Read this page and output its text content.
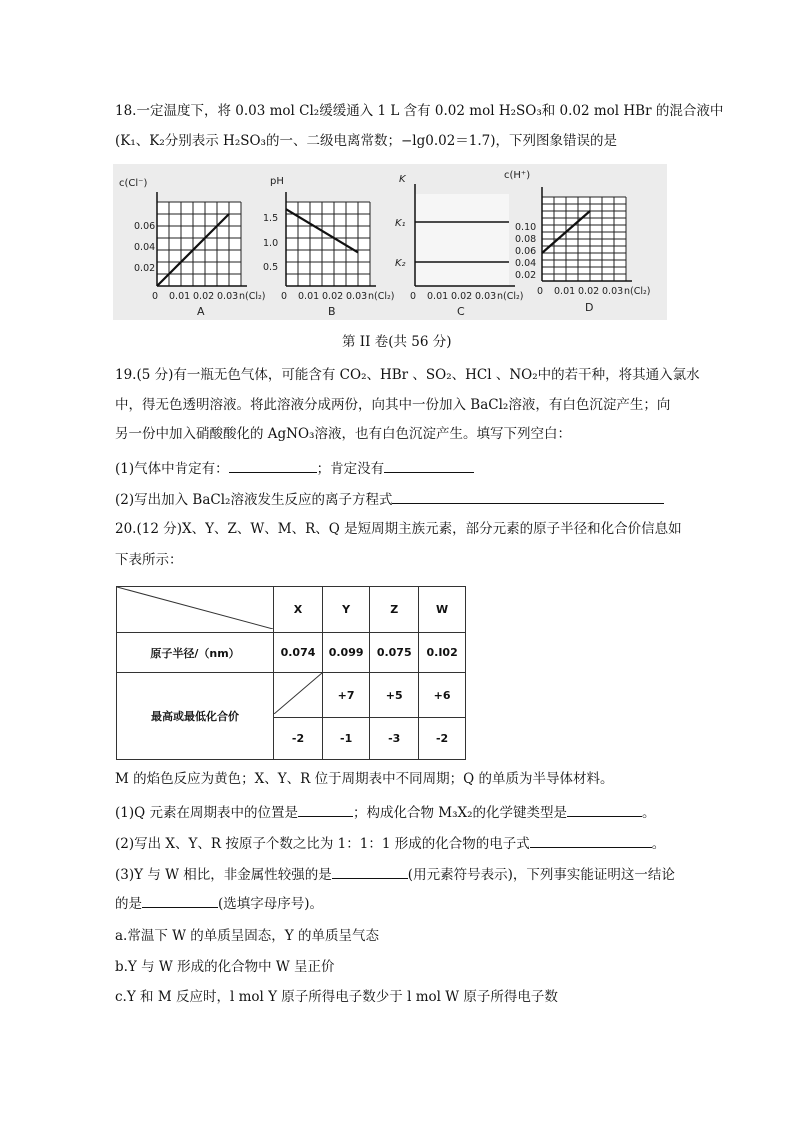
18.一定温度下，将 0.03 mol Cl₂缓缓通入 1 L 含有 0.02 mol H₂SO₃和 0.02 mol HBr 的混合液中
(K₁、K₂分别表示 H₂SO₃的一、二级电离常数；−lg0.02＝1.7)，下列图象错误的是
c(Cl⁻)
0.06
0.04
0.02
0 0.01 0.02 0.03 n(Cl₂)
A
pH
1.5
1.0
0.5
0 0.01 0.02 0.03 n(Cl₂)
B
K
K₁
K₂
0 0.01 0.02 0.03 n(Cl₂)
C
c(H⁺)
0.10
0.08
0.06
0.04
0.02
0 0.01 0.02 0.03 n(Cl₂)
D
第 II 卷(共 56 分)
19.(5 分)有一瓶无色气体，可能含有 CO₂、HBr 、SO₂、HCl 、NO₂中的若干种，将其通入氯水
中，得无色透明溶液。将此溶液分成两份，向其中一份加入 BaCl₂溶液，有白色沉淀产生；向
另一份中加入硝酸酸化的 AgNO₃溶液，也有白色沉淀产生。填写下列空白：
(1)气体中肯定有：	；肯定没有
(2)写出加入 BaCl₂溶液发生反应的离子方程式
20.(12 分)X、Y、Z、W、M、R、Q 是短周期主族元素，部分元素的原子半径和化合价信息如
下表所示：
	X	Y	Z	W
原子半径/（nm）	0.074	0.099	0.075	0.I02
最高或最低化合价		+7	+5	+6
	-2	-1	-3	-2
M 的焰色反应为黄色；X、Y、R 位于周期表中不同周期；Q 的单质为半导体材料。
(1)Q 元素在周期表中的位置是	；构成化合物 M₃X₂的化学键类型是	。
(2)写出 X、Y、R 按原子个数之比为 1：1：1 形成的化合物的电子式	。
(3)Y 与 W 相比，非金属性较强的是	(用元素符号表示)，下列事实能证明这一结论
的是	(选填字母序号)。
a.常温下 W 的单质呈固态，Y 的单质呈气态
b.Y 与 W 形成的化合物中 W 呈正价
c.Y 和 M 反应时，l mol Y 原子所得电子数少于 l mol W 原子所得电子数
